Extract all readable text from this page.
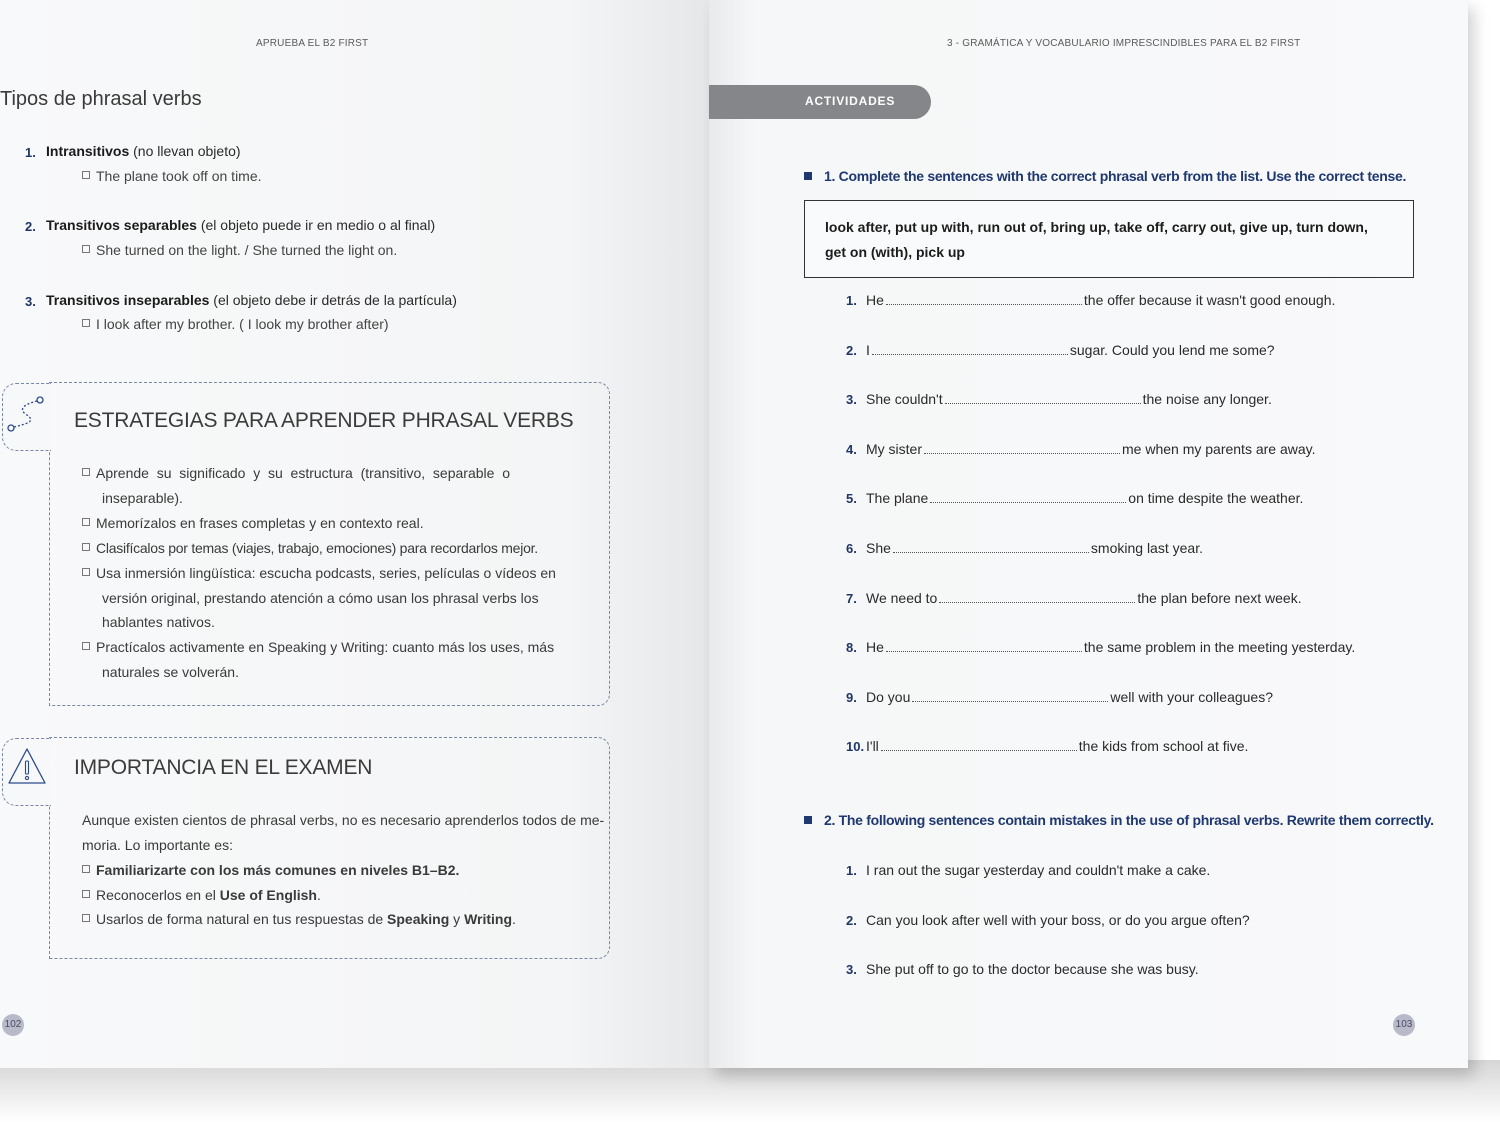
APRUEBA EL B2 FIRST
Tipos de phrasal verbs
1. Intransitivos (no llevan objeto)
The plane took off on time.
2. Transitivos separables (el objeto puede ir en medio o al final)
She turned on the light. / She turned the light on.
3. Transitivos inseparables (el objeto debe ir detrás de la partícula)
I look after my brother. ( I look my brother after)
ESTRATEGIAS PARA APRENDER PHRASAL VERBS
Aprende  su  significado  y  su  estructura  (transitivo,  separable  o
inseparable).
Memorízalos en frases completas y en contexto real.
Clasifícalos por temas (viajes, trabajo, emociones) para recordarlos mejor.
Usa inmersión lingüística: escucha podcasts, series, películas o vídeos en
versión original, prestando atención a cómo usan los phrasal verbs los
hablantes nativos.
Practícalos activamente en Speaking y Writing: cuanto más los uses, más
naturales se volverán.
IMPORTANCIA EN EL EXAMEN
Aunque existen cientos de phrasal verbs, no es necesario aprenderlos todos de me-
moria. Lo importante es:
Familiarizarte con los más comunes en niveles B1–B2.
Reconocerlos en el Use of English.
Usarlos de forma natural en tus respuestas de Speaking y Writing.
102
3 - GRAMÁTICA Y VOCABULARIO IMPRESCINDIBLES PARA EL B2 FIRST
103
ACTIVIDADES
1. Complete the sentences with the correct phrasal verb from the list. Use the correct tense.
look after, put up with, run out of, bring up, take off, carry out, give up, turn down, get on (with), pick up
1. He	the offer because it wasn't good enough.
2. I	sugar. Could you lend me some?
3. She couldn't	the noise any longer.
4. My sister	me when my parents are away.
5. The plane	on time despite the weather.
6. She	smoking last year.
7. We need to	the plan before next week.
8. He	the same problem in the meeting yesterday.
9. Do you	well with your colleagues?
10. I'll	the kids from school at five.
2. The following sentences contain mistakes in the use of phrasal verbs. Rewrite them correctly.
1. I ran out the sugar yesterday and couldn't make a cake.
2. Can you look after well with your boss, or do you argue often?
3. She put off to go to the doctor because she was busy.
